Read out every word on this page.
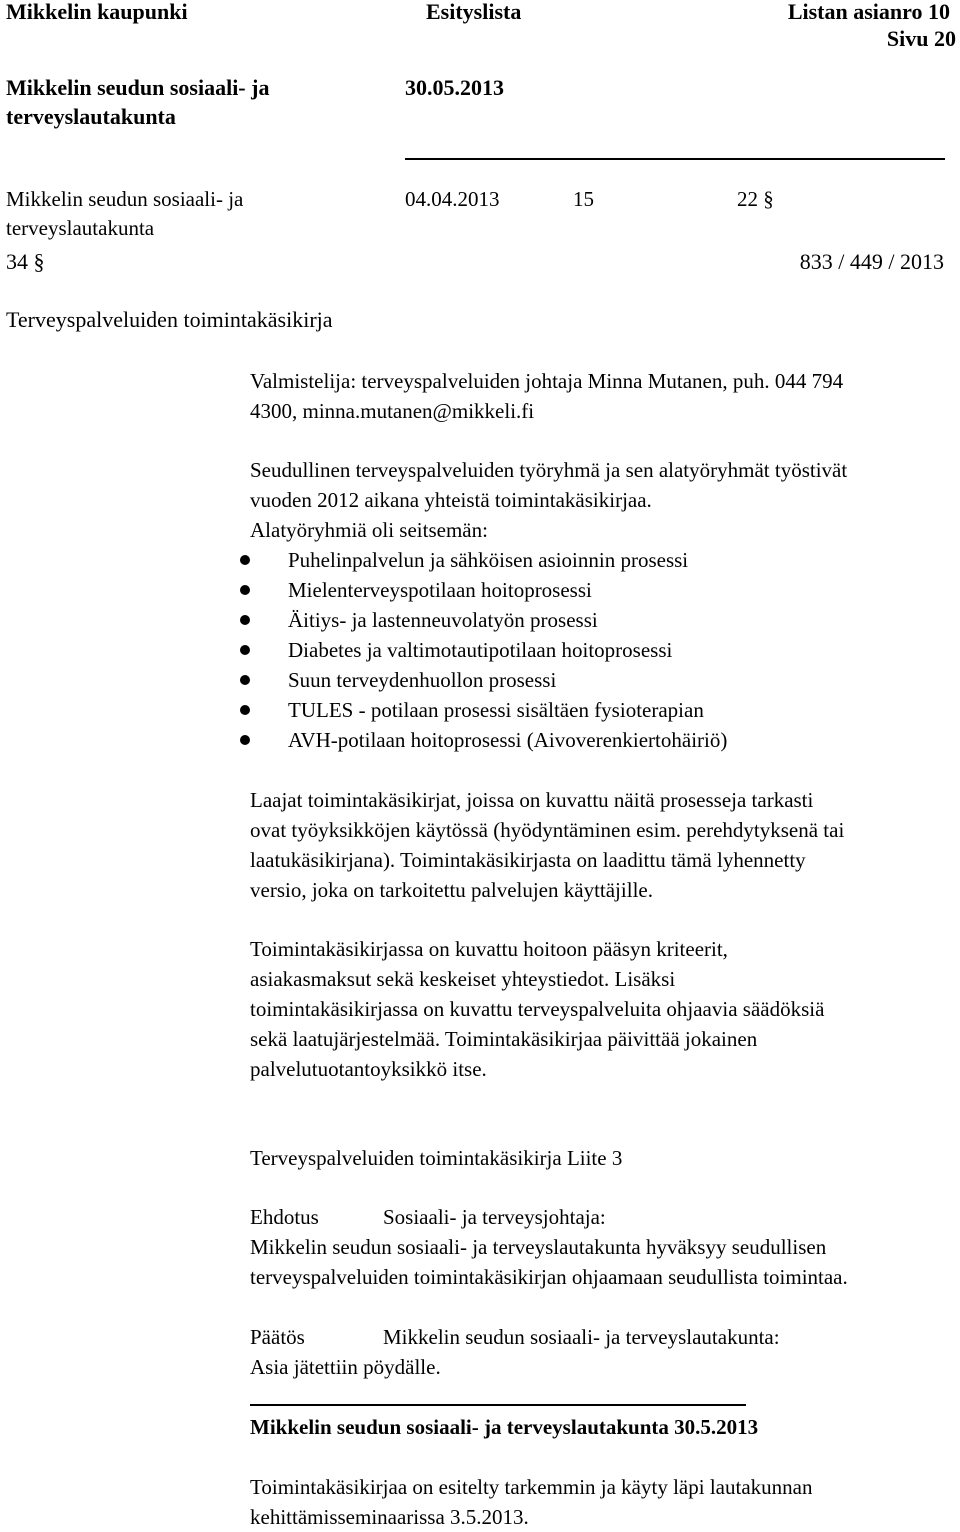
Mikkelin kaupunki	Esityslista	Listan asianro 10
Sivu 20
Mikkelin seudun sosiaali- ja
terveyslautakunta
30.05.2013
Mikkelin seudun sosiaali- ja
terveyslautakunta
04.04.2013	15	22 §
34 §	833 / 449 / 2013
Terveyspalveluiden toimintakäsikirja
Valmistelija: terveyspalveluiden johtaja Minna Mutanen, puh. 044 794
4300, minna.mutanen@mikkeli.fi
Seudullinen terveyspalveluiden työryhmä ja sen alatyöryhmät työstivät
vuoden 2012 aikana yhteistä toimintakäsikirjaa.
Alatyöryhmiä oli seitsemän:
Puhelinpalvelun ja sähköisen asioinnin prosessi
Mielenterveyspotilaan hoitoprosessi
Äitiys- ja lastenneuvolatyön prosessi
Diabetes ja valtimotautipotilaan hoitoprosessi
Suun terveydenhuollon prosessi
TULES - potilaan prosessi sisältäen fysioterapian
AVH-potilaan hoitoprosessi (Aivoverenkiertohäiriö)
Laajat toimintakäsikirjat, joissa on kuvattu näitä prosesseja tarkasti
ovat työyksikköjen käytössä (hyödyntäminen esim. perehdytyksenä tai
laatukäsikirjana). Toimintakäsikirjasta on laadittu tämä lyhennetty
versio, joka on tarkoitettu palvelujen käyttäjille.
Toimintakäsikirjassa on kuvattu hoitoon pääsyn kriteerit,
asiakasmaksut sekä keskeiset yhteystiedot. Lisäksi
toimintakäsikirjassa on kuvattu terveyspalveluita ohjaavia säädöksiä
sekä laatujärjestelmää. Toimintakäsikirjaa päivittää jokainen
palvelutuotantoyksikkö itse.
Terveyspalveluiden toimintakäsikirja Liite 3
Ehdotus	Sosiaali- ja terveysjohtaja:
Mikkelin seudun sosiaali- ja terveyslautakunta hyväksyy seudullisen
terveyspalveluiden toimintakäsikirjan ohjaamaan seudullista toimintaa.
Päätös	Mikkelin seudun sosiaali- ja terveyslautakunta:
Asia jätettiin pöydälle.
Mikkelin seudun sosiaali- ja terveyslautakunta 30.5.2013
Toimintakäsikirjaa on esitelty tarkemmin ja käyty läpi lautakunnan
kehittämisseminaarissa 3.5.2013.
